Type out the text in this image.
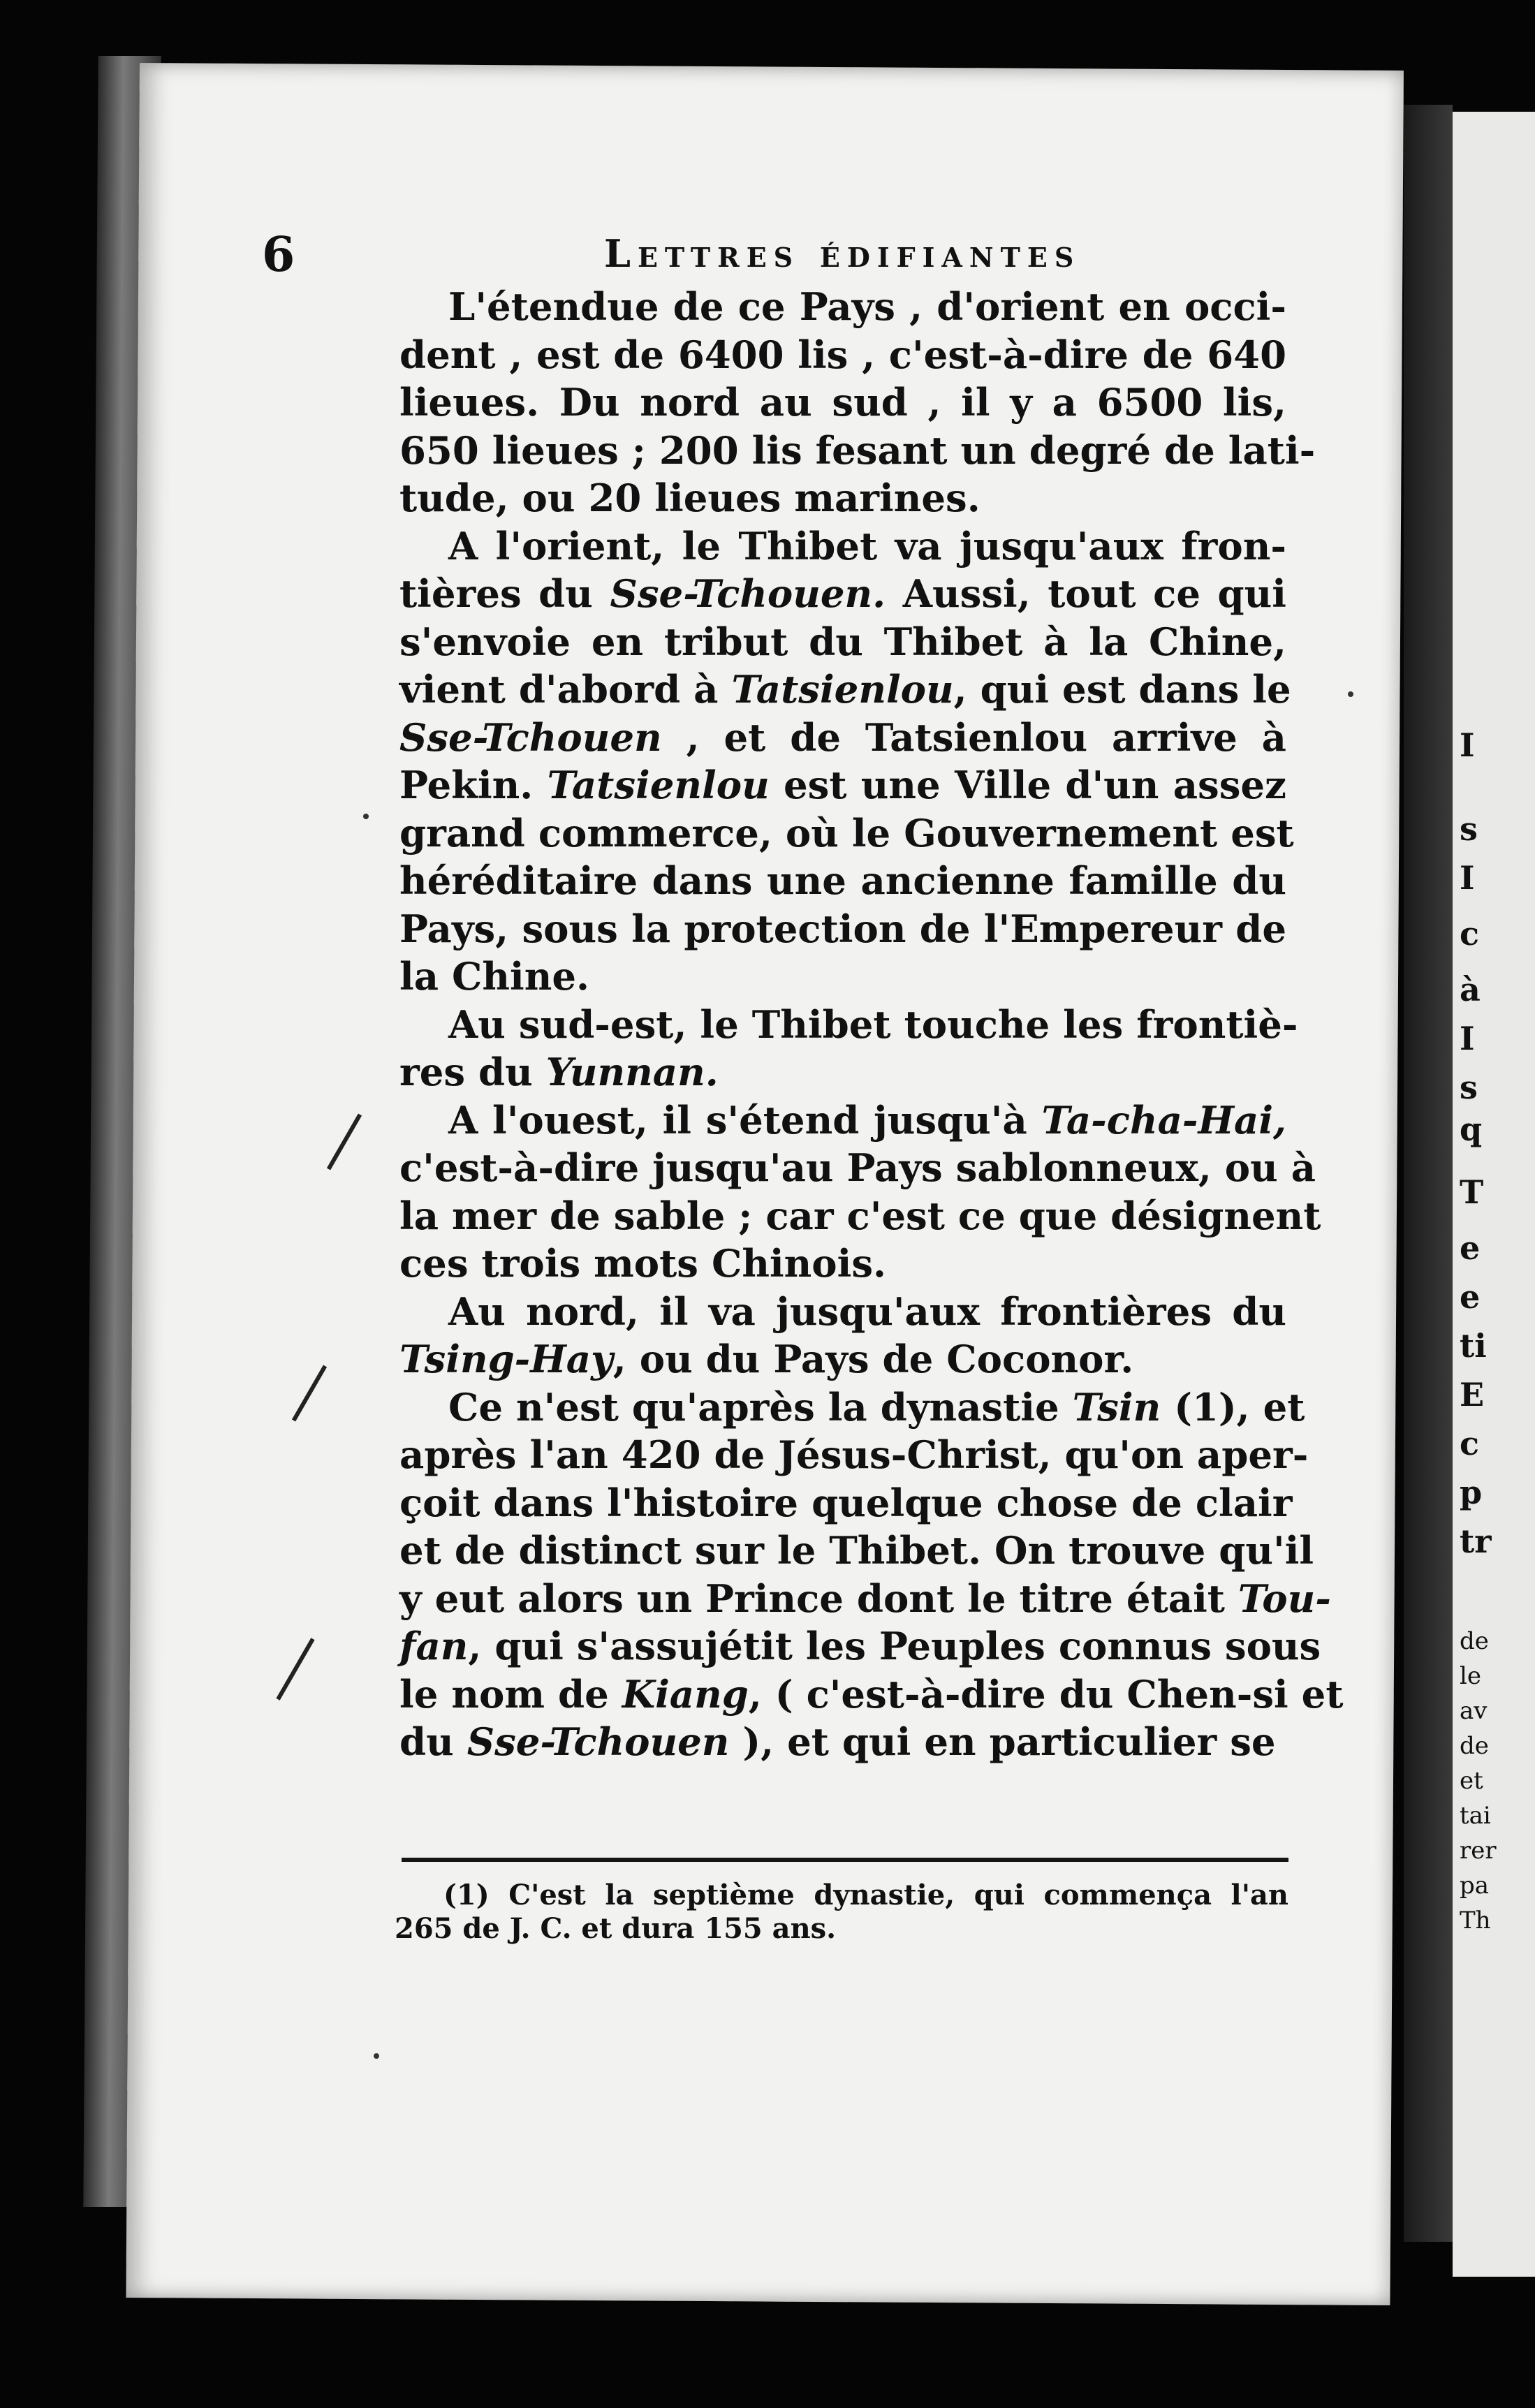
I
s
I
c
à
I
s
q
T
e
e
ti
E
c
p
tr
de
le
av
de
et
tai
rer
pa
Th
6	Lettres édifiantes
L'étendue de ce Pays , d'orient en occi-
dent , est de 6400 lis , c'est-à-dire de 640
lieues. Du nord au sud , il y a 6500 lis,
650 lieues ; 200 lis fesant un degré de lati-
tude, ou 20 lieues marines.
A l'orient, le Thibet va jusqu'aux fron-
tières du Sse-Tchouen. Aussi, tout ce qui
s'envoie en tribut du Thibet à la Chine,
vient d'abord à Tatsienlou, qui est dans le
Sse-Tchouen , et de Tatsienlou arrive à
Pekin. Tatsienlou est une Ville d'un assez
grand commerce, où le Gouvernement est
héréditaire dans une ancienne famille du
Pays, sous la protection de l'Empereur de
la Chine.
Au sud-est, le Thibet touche les frontiè-
res du Yunnan.
A l'ouest, il s'étend jusqu'à Ta-cha-Hai,
c'est-à-dire jusqu'au Pays sablonneux, ou à
la mer de sable ; car c'est ce que désignent
ces trois mots Chinois.
Au nord, il va jusqu'aux frontières du
Tsing-Hay, ou du Pays de Coconor.
Ce n'est qu'après la dynastie Tsin (1), et
après l'an 420 de Jésus-Christ, qu'on aper-
çoit dans l'histoire quelque chose de clair
et de distinct sur le Thibet. On trouve qu'il
y eut alors un Prince dont le titre était Tou-
fan, qui s'assujétit les Peuples connus sous
le nom de Kiang, ( c'est-à-dire du Chen-si et
du Sse-Tchouen ), et qui en particulier se
(1) C'est la septième dynastie, qui commença l'an
265 de J. C. et dura 155 ans.
